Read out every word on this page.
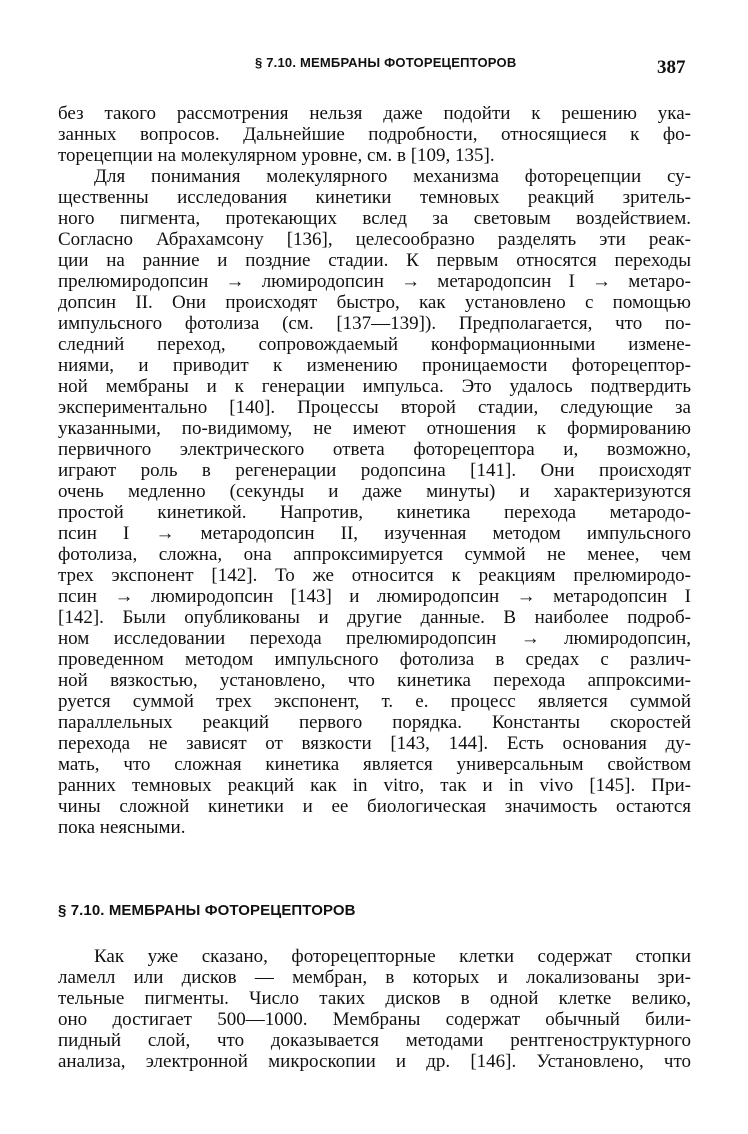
§ 7.10. МЕМБРАНЫ ФОТОРЕЦЕПТОРОВ	387
без такого рассмотрения нельзя даже подойти к решению ука-
занных вопросов. Дальнейшие подробности, относящиеся к фо-
торецепции на молекулярном уровне, см. в [109, 135].
Для понимания молекулярного механизма фоторецепции су-
щественны исследования кинетики темновых реакций зритель-
ного пигмента, протекающих вслед за световым воздействием.
Согласно Абрахамсону [136], целесообразно разделять эти реак-
ции на ранние и поздние стадии. К первым относятся переходы
прелюмиродопсин → люмиродопсин → метародопсин I → метаро-
допсин II. Они происходят быстро, как установлено с помощью
импульсного фотолиза (см. [137—139]). Предполагается, что по-
следний переход, сопровождаемый конформационными измене-
ниями, и приводит к изменению проницаемости фоторецептор-
ной мембраны и к генерации импульса. Это удалось подтвердить
экспериментально [140]. Процессы второй стадии, следующие за
указанными, по-видимому, не имеют отношения к формированию
первичного электрического ответа фоторецептора и, возможно,
играют роль в регенерации родопсина [141]. Они происходят
очень медленно (секунды и даже минуты) и характеризуются
простой кинетикой. Напротив, кинетика перехода метародо-
псин I → метародопсин II, изученная методом импульсного
фотолиза, сложна, она аппроксимируется суммой не менее, чем
трех экспонент [142]. То же относится к реакциям прелюмиродо-
псин → люмиродопсин [143] и люмиродопсин → метародопсин I
[142]. Были опубликованы и другие данные. В наиболее подроб-
ном исследовании перехода прелюмиродопсин → люмиродопсин,
проведенном методом импульсного фотолиза в средах с различ-
ной вязкостью, установлено, что кинетика перехода аппроксими-
руется суммой трех экспонент, т. е. процесс является суммой
параллельных реакций первого порядка. Константы скоростей
перехода не зависят от вязкости [143, 144]. Есть основания ду-
мать, что сложная кинетика является универсальным свойством
ранних темновых реакций как in vitro, так и in vivo [145]. При-
чины сложной кинетики и ее биологическая значимость остаются
пока неясными.
§ 7.10. МЕМБРАНЫ ФОТОРЕЦЕПТОРОВ
Как уже сказано, фоторецепторные клетки содержат стопки
ламелл или дисков — мембран, в которых и локализованы зри-
тельные пигменты. Число таких дисков в одной клетке велико,
оно достигает 500—1000. Мембраны содержат обычный били-
пидный слой, что доказывается методами рентгеноструктурного
анализа, электронной микроскопии и др. [146]. Установлено, что
